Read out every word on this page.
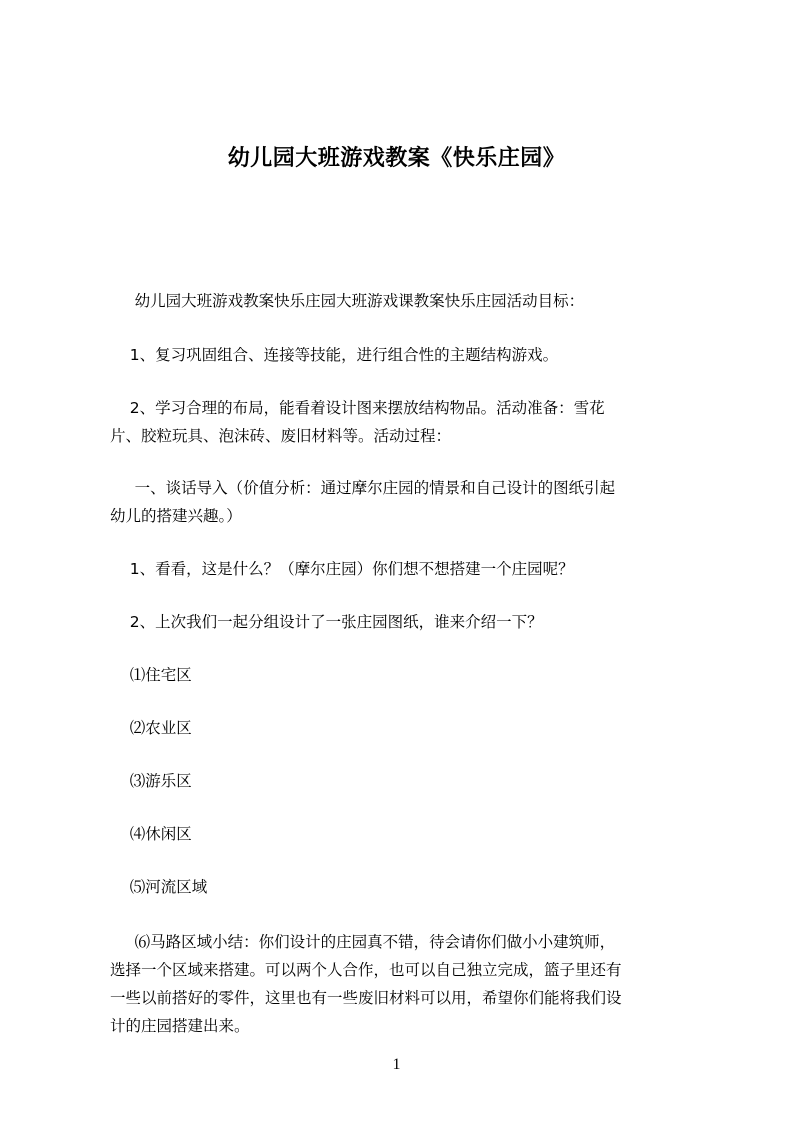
幼儿园大班游戏教案《快乐庄园》
幼儿园大班游戏教案快乐庄园大班游戏课教案快乐庄园活动目标：
1、复习巩固组合、连接等技能，进行组合性的主题结构游戏。
2、学习合理的布局，能看着设计图来摆放结构物品。活动准备：雪花片、胶粒玩具、泡沫砖、废旧材料等。活动过程：
一、谈话导入（价值分析：通过摩尔庄园的情景和自己设计的图纸引起幼儿的搭建兴趣。）
1、看看，这是什么？（摩尔庄园）你们想不想搭建一个庄园呢？
2、上次我们一起分组设计了一张庄园图纸，谁来介绍一下？
⑴住宅区
⑵农业区
⑶游乐区
⑷休闲区
⑸河流区域
⑹马路区域小结：你们设计的庄园真不错，待会请你们做小小建筑师，选择一个区域来搭建。可以两个人合作，也可以自己独立完成，篮子里还有一些以前搭好的零件，这里也有一些废旧材料可以用，希望你们能将我们设计的庄园搭建出来。
1
